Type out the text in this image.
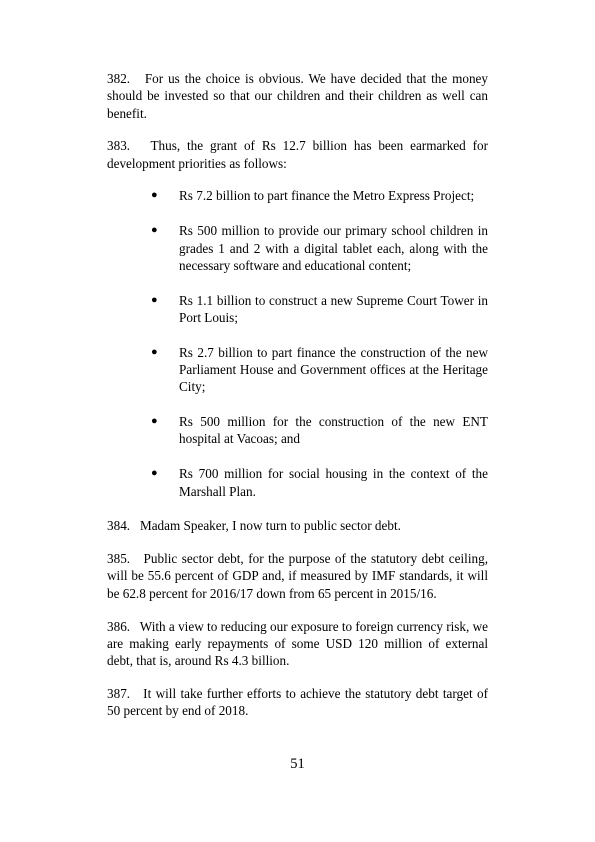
382. For us the choice is obvious. We have decided that the money should be invested so that our children and their children as well can benefit.

383. Thus, the grant of Rs 12.7 billion has been earmarked for development priorities as follows:

● Rs 7.2 billion to part finance the Metro Express Project;
● Rs 500 million to provide our primary school children in grades 1 and 2 with a digital tablet each, along with the necessary software and educational content;
● Rs 1.1 billion to construct a new Supreme Court Tower in Port Louis;
● Rs 2.7 billion to part finance the construction of the new Parliament House and Government offices at the Heritage City;
● Rs 500 million for the construction of the new ENT hospital at Vacoas; and
● Rs 700 million for social housing in the context of the Marshall Plan.

384. Madam Speaker, I now turn to public sector debt.

385. Public sector debt, for the purpose of the statutory debt ceiling, will be 55.6 percent of GDP and, if measured by IMF standards, it will be 62.8 percent for 2016/17 down from 65 percent in 2015/16.

386. With a view to reducing our exposure to foreign currency risk, we are making early repayments of some USD 120 million of external debt, that is, around Rs 4.3 billion.

387. It will take further efforts to achieve the statutory debt target of 50 percent by end of 2018.

51
